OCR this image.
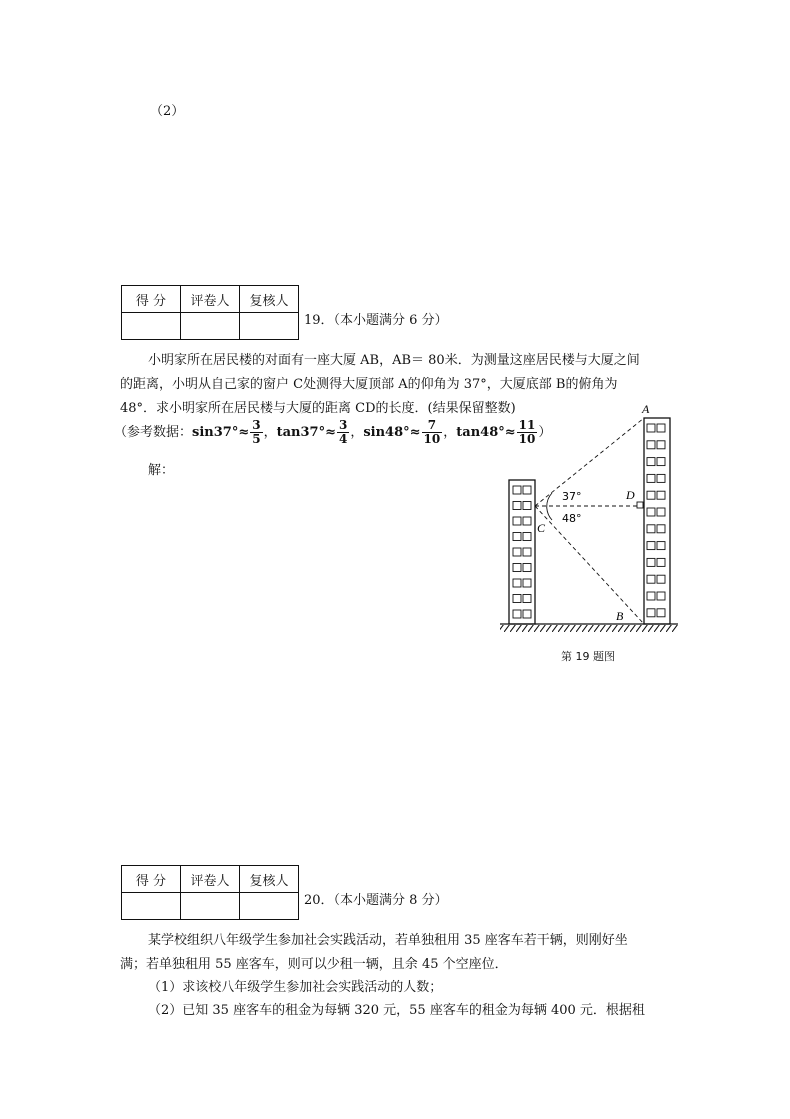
（2）
得 分	评卷人	复核人

19．（本小题满分 6 分）
小明家所在居民楼的对面有一座大厦 AB，AB＝ 80米．为测量这座居民楼与大厦之间
的距离，小明从自己家的窗户 C处测得大厦顶部 A的仰角为 37°，大厦底部 B的俯角为
48°．求小明家所在居民楼与大厦的距离 CD的长度．(结果保留整数)
（参考数据：$\sin 37^\circ\approx \frac{3}{5}$ ，$\tan 37^\circ\approx \frac{3}{4}$ ，$\sin 48^\circ\approx \frac{7}{10}$ ，$\tan 48^\circ\approx \frac{11}{10}$ ）
解：
A
B
C
D
37°
48°
第 19 题图
得 分	评卷人	复核人

20．（本小题满分 8 分）
某学校组织八年级学生参加社会实践活动，若单独租用 35 座客车若干辆，则刚好坐
满；若单独租用 55 座客车，则可以少租一辆，且余 45 个空座位．
（1）求该校八年级学生参加社会实践活动的人数；
（2）已知 35 座客车的租金为每辆 320 元，55 座客车的租金为每辆 400 元．根据租
